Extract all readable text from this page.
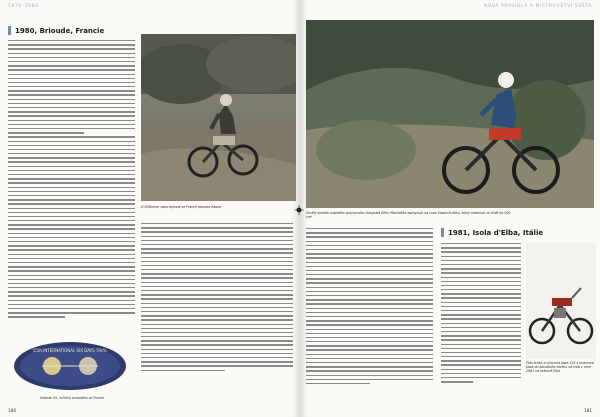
1970–1980
1980, Brioude, Francie
O Stříbrnou vázu bojoval ve Francii Jaroslav Kaslar
55th INTERNATIONAL SIX DAYS TRIAL
Odznak 55. ročníku konaného ve Francii
180
NOVÁ PRAVIDLA A MISTROVSTVÍ SVĚTA
Skvělý snímek známého sportovního fotografa Jiřího Macháčka zachycuje na voze Vlasta Kučeru, který startoval ve třídě do 500 cm³
1981, Isola d'Elba, Itálie
Tato lehká a výkonná Jawa 125 s motorem Jawa do závodního terénu na trati v roce 1981 na ostrově Elba
181
